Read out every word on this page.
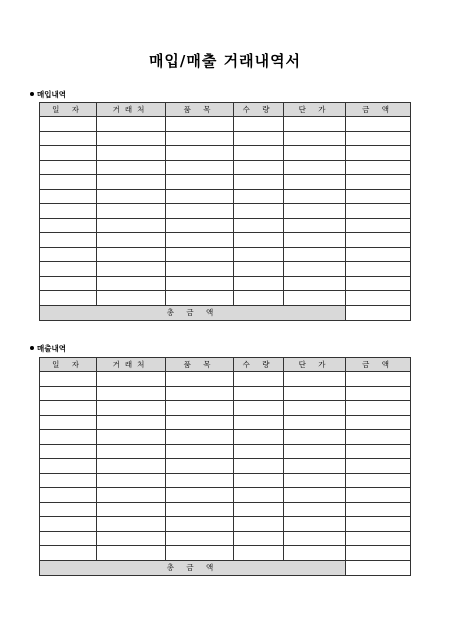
매입/매출 거래내역서
매입내역
일 자	거래처	품 목	수 량	단 가	금 액

총 금 액					
매출내역
일 자	거래처	품 목	수 량	단 가	금 액

총 금 액					
